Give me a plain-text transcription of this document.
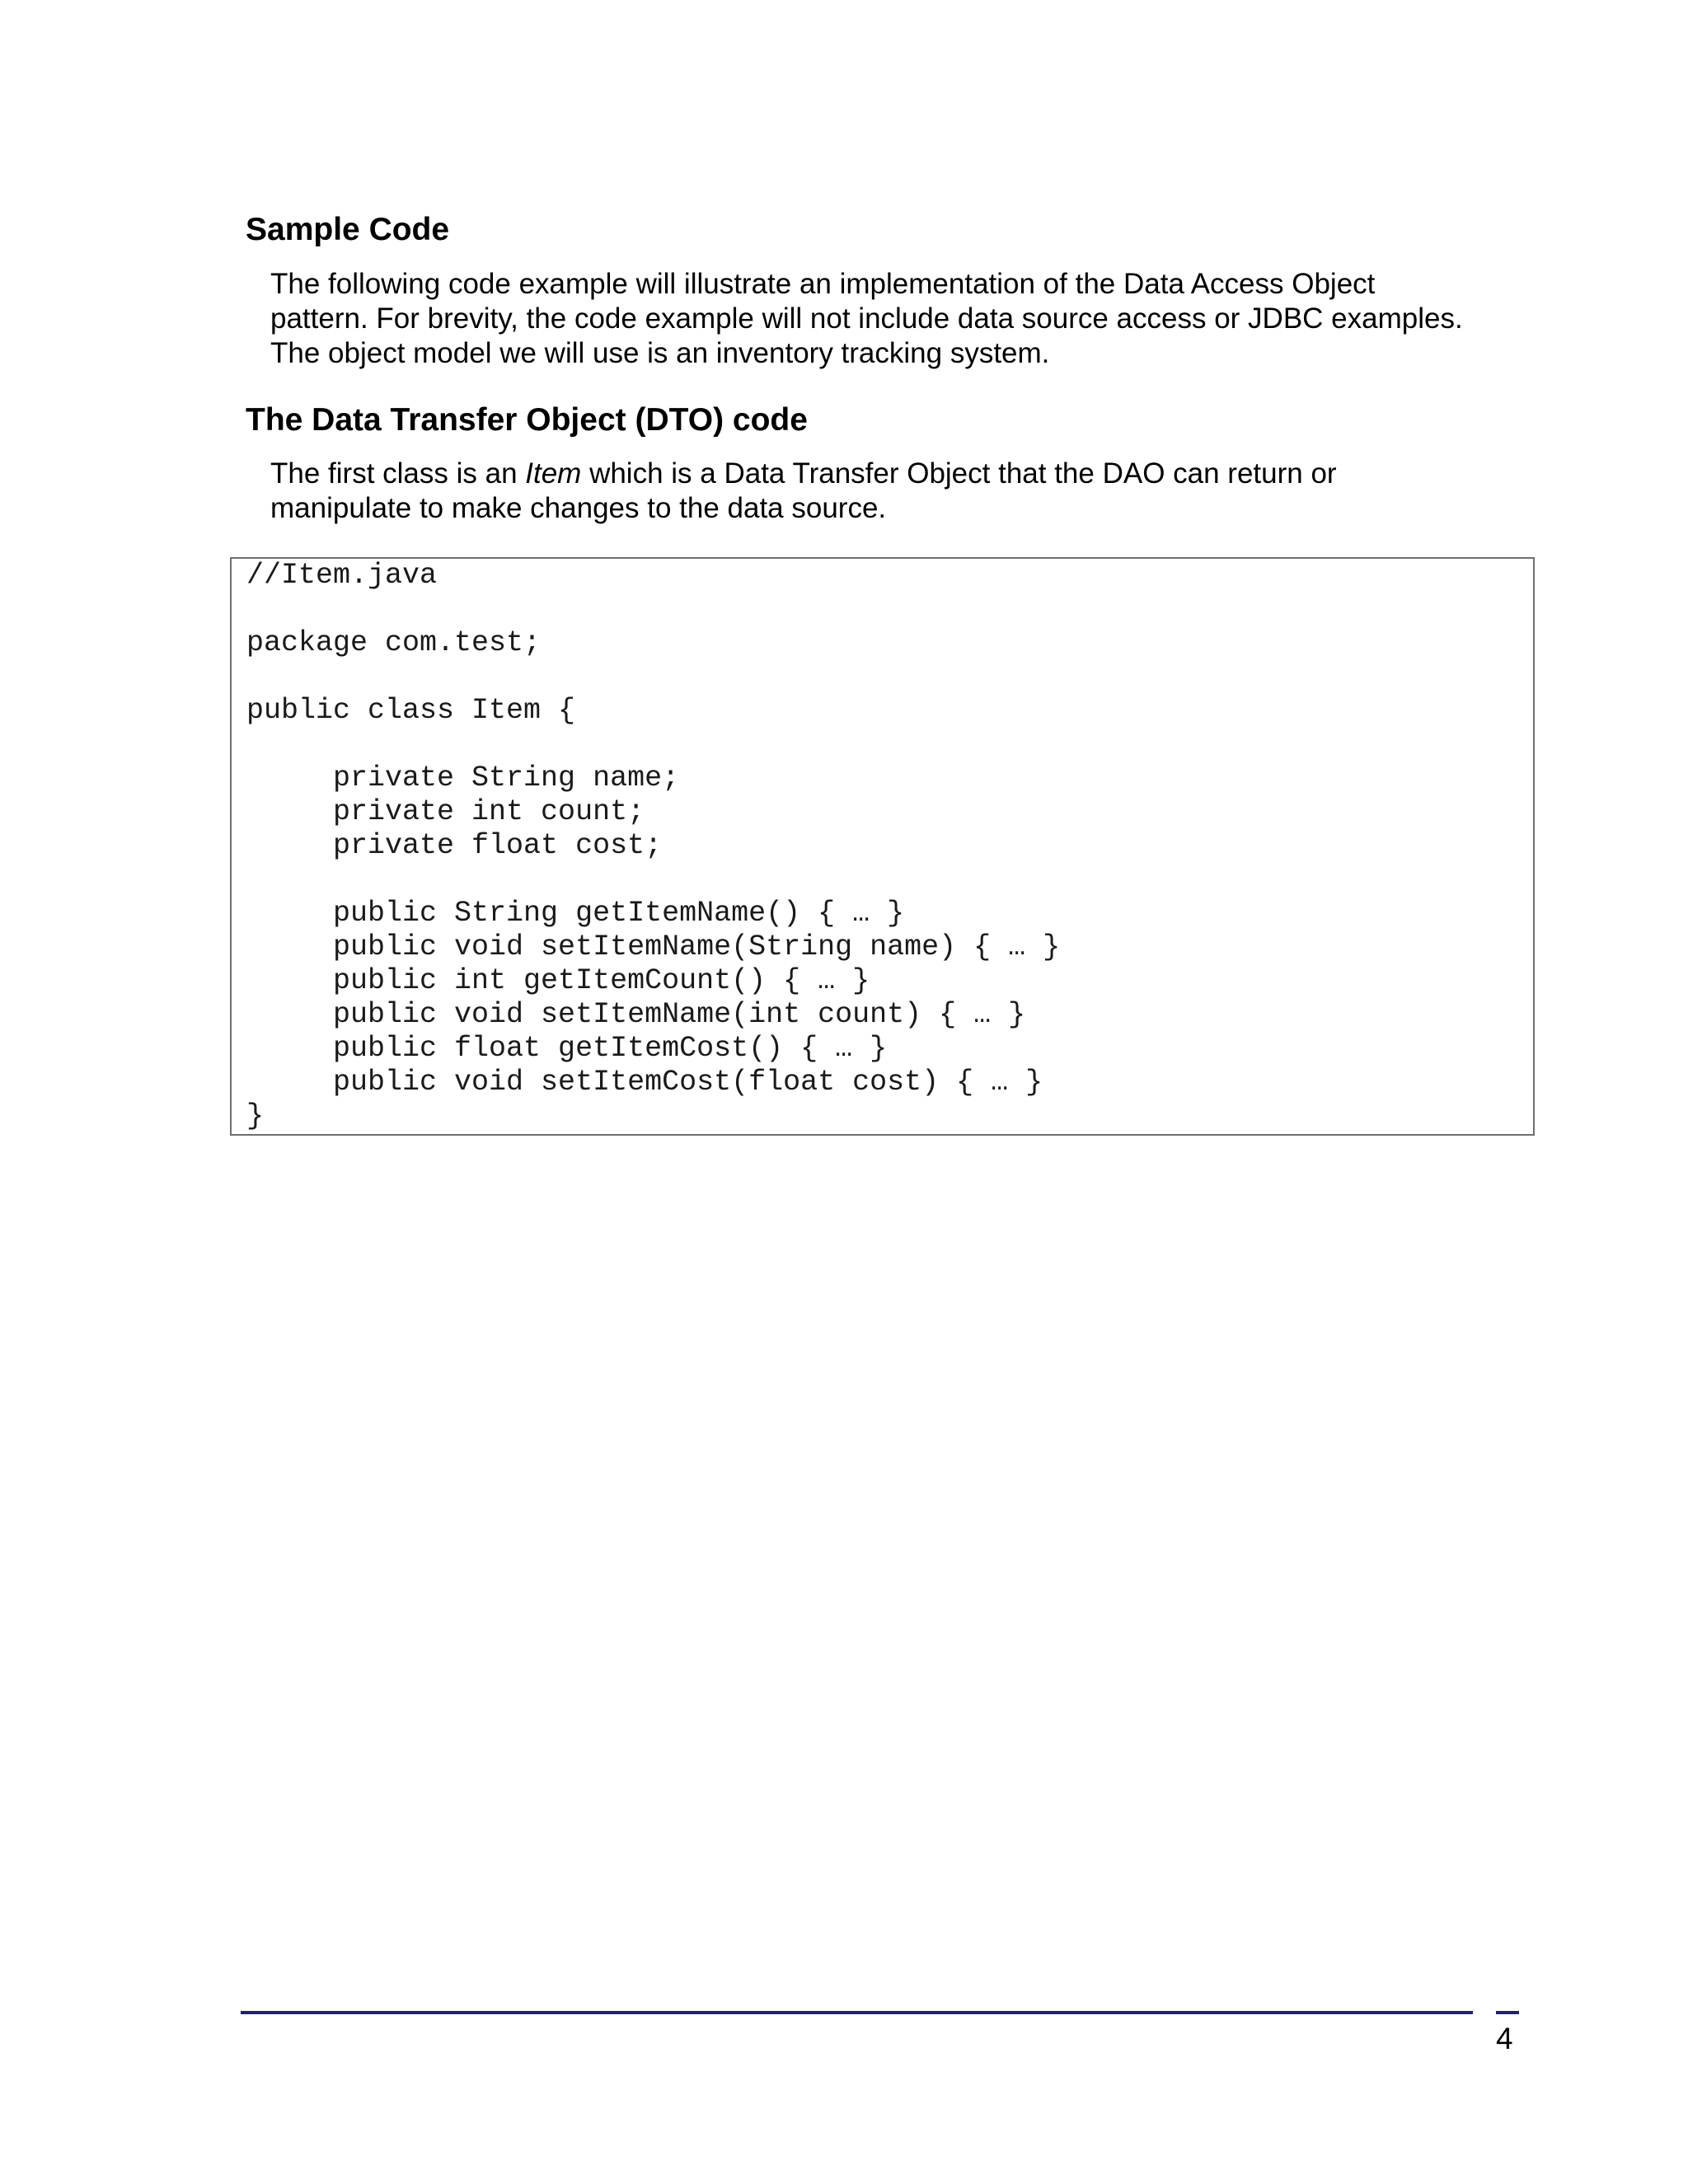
Sample Code

The following code example will illustrate an implementation of the Data Access Object
pattern. For brevity, the code example will not include data source access or JDBC examples.
The object model we will use is an inventory tracking system.

The Data Transfer Object (DTO) code

The first class is an Item which is a Data Transfer Object that the DAO can return or
manipulate to make changes to the data source.

//Item.java
package com.test;
public class Item {
private String name;
private int count;
private float cost;
public String getItemName() { … }
public void setItemName(String name) { … }
public int getItemCount() { … }
public void setItemName(int count) { … }
public float getItemCost() { … }
public void setItemCost(float cost) { … }
}
4
